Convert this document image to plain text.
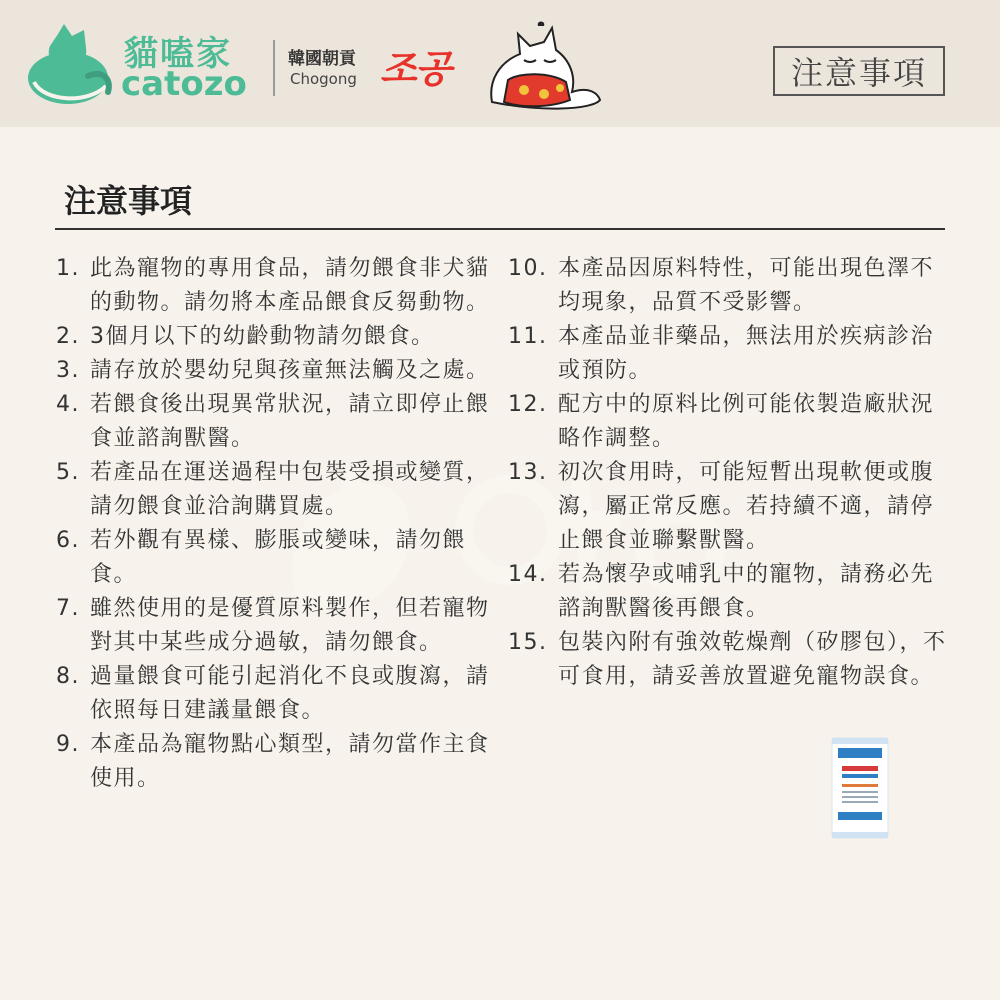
貓嗑家
catozo
韓國朝貢
Chogong 조공	注意事項
注意事項
1. 此為寵物的專用食品，請勿餵食非犬貓的動物。請勿將本產品餵食反芻動物。
2. 3個月以下的幼齡動物請勿餵食。
3. 請存放於嬰幼兒與孩童無法觸及之處。
4. 若餵食後出現異常狀況，請立即停止餵食並諮詢獸醫。
5. 若產品在運送過程中包裝受損或變質，請勿餵食並洽詢購買處。
6. 若外觀有異樣、膨脹或變味，請勿餵食。
7. 雖然使用的是優質原料製作，但若寵物對其中某些成分過敏，請勿餵食。
8. 過量餵食可能引起消化不良或腹瀉，請依照每日建議量餵食。
9. 本產品為寵物點心類型，請勿當作主食使用。
10. 本產品因原料特性，可能出現色澤不均現象，品質不受影響。
11. 本產品並非藥品，無法用於疾病診治或預防。
12. 配方中的原料比例可能依製造廠狀況略作調整。
13. 初次食用時，可能短暫出現軟便或腹瀉，屬正常反應。若持續不適，請停止餵食並聯繫獸醫。
14. 若為懷孕或哺乳中的寵物，請務必先諮詢獸醫後再餵食。
15. 包裝內附有強效乾燥劑（矽膠包），不可食用，請妥善放置避免寵物誤食。
